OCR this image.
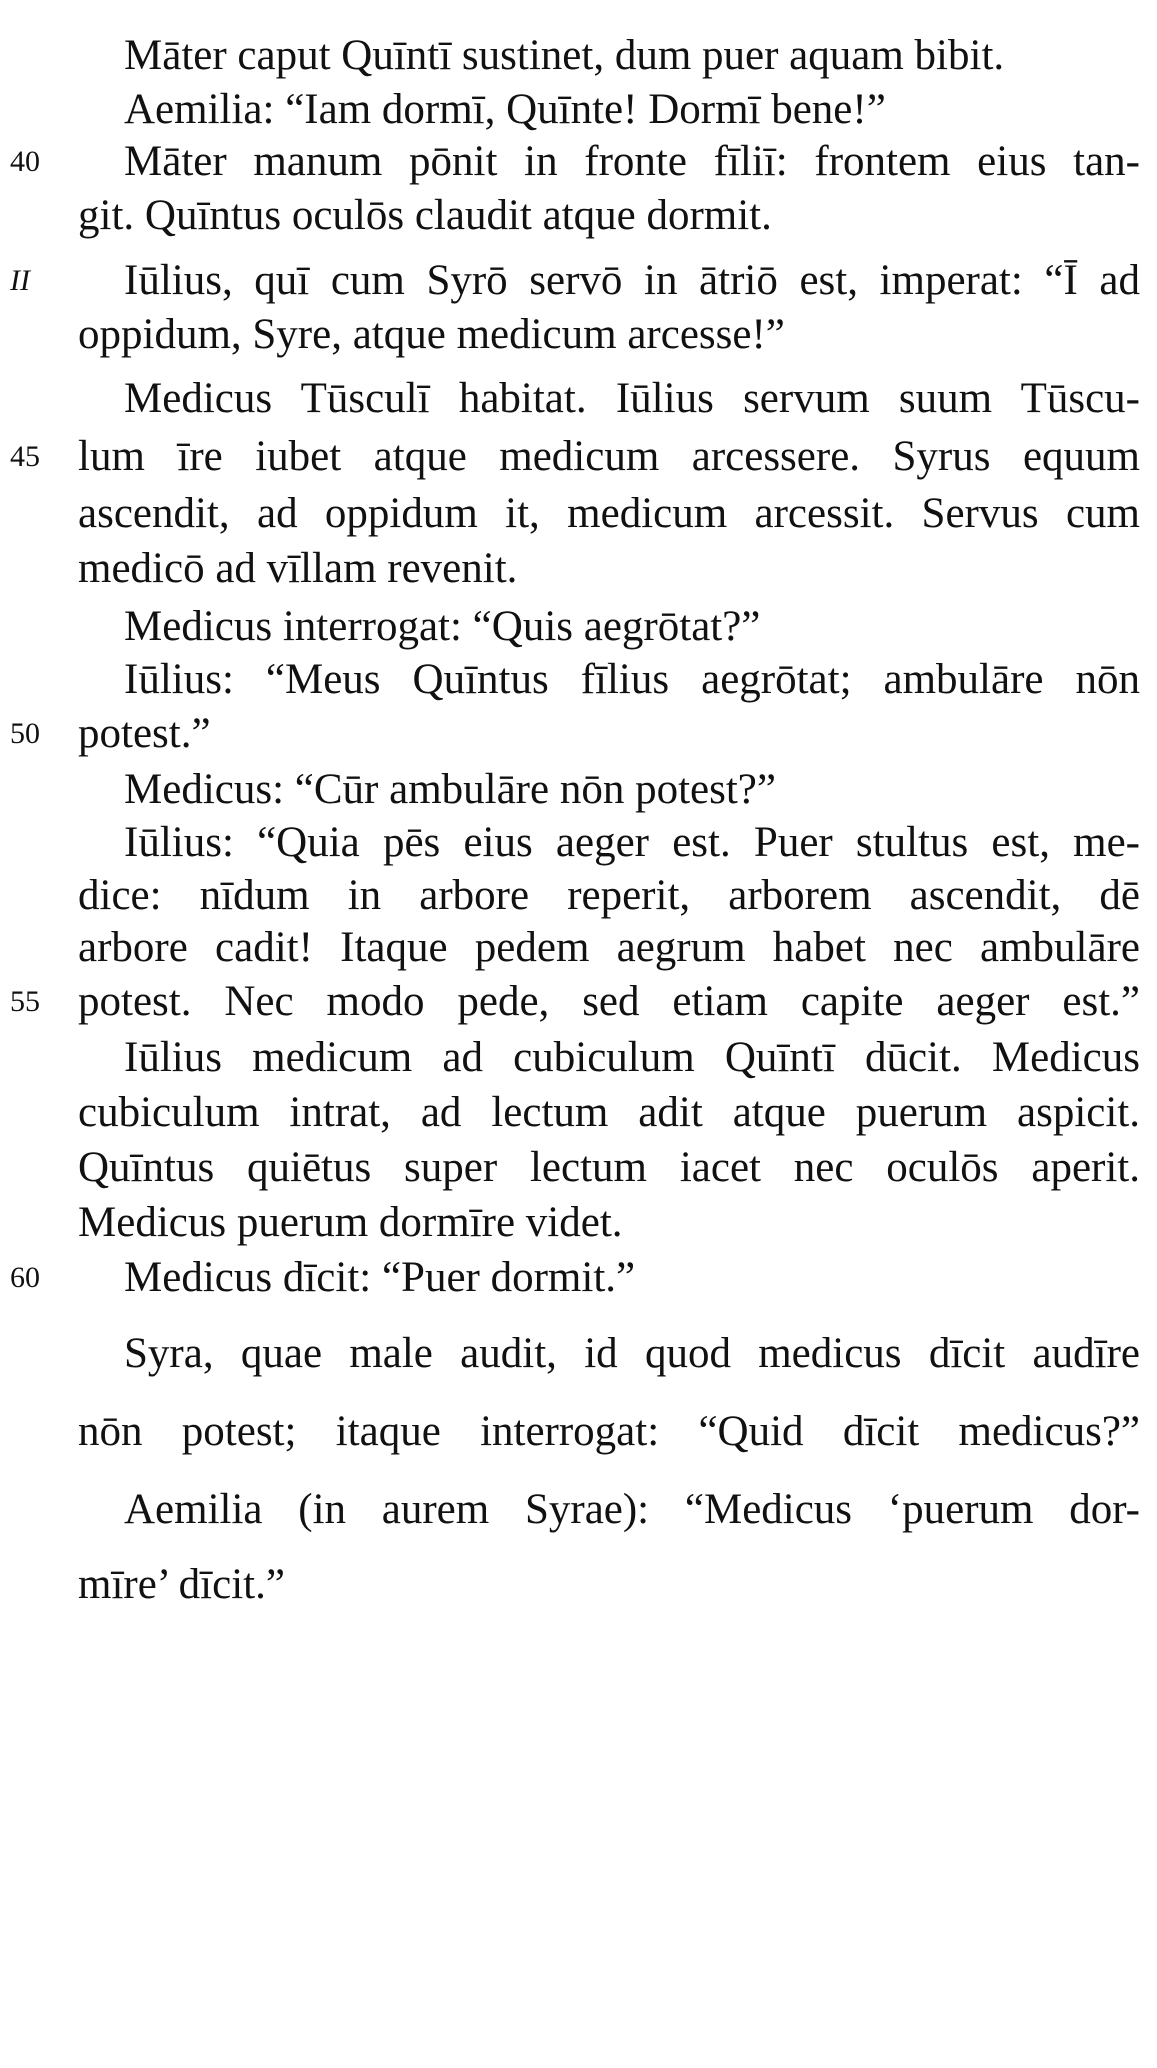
40
II
45
50
55
60
Māter caput Quīntī sustinet, dum puer aquam bibit.
Aemilia: “Iam dormī, Quīnte! Dormī bene!”
Māter manum pōnit in fronte fīliī: frontem eius tan-
git. Quīntus oculōs claudit atque dormit.
Iūlius, quī cum Syrō servō in ātriō est, imperat: “Ī ad
oppidum, Syre, atque medicum arcesse!”
Medicus Tūsculī habitat. Iūlius servum suum Tūscu-
lum īre iubet atque medicum arcessere. Syrus equum
ascendit, ad oppidum it, medicum arcessit. Servus cum
medicō ad vīllam revenit.
Medicus interrogat: “Quis aegrōtat?”
Iūlius: “Meus Quīntus fīlius aegrōtat; ambulāre nōn
potest.”
Medicus: “Cūr ambulāre nōn potest?”
Iūlius: “Quia pēs eius aeger est. Puer stultus est, me-
dice: nīdum in arbore reperit, arborem ascendit, dē
arbore cadit! Itaque pedem aegrum habet nec ambulāre
potest. Nec modo pede, sed etiam capite aeger est.”
Iūlius medicum ad cubiculum Quīntī dūcit. Medicus
cubiculum intrat, ad lectum adit atque puerum aspicit.
Quīntus quiētus super lectum iacet nec oculōs aperit.
Medicus puerum dormīre videt.
Medicus dīcit: “Puer dormit.”
Syra, quae male audit, id quod medicus dīcit audīre
nōn potest; itaque interrogat: “Quid dīcit medicus?”
Aemilia (in aurem Syrae): “Medicus ‘puerum dor-
mīre’ dīcit.”
